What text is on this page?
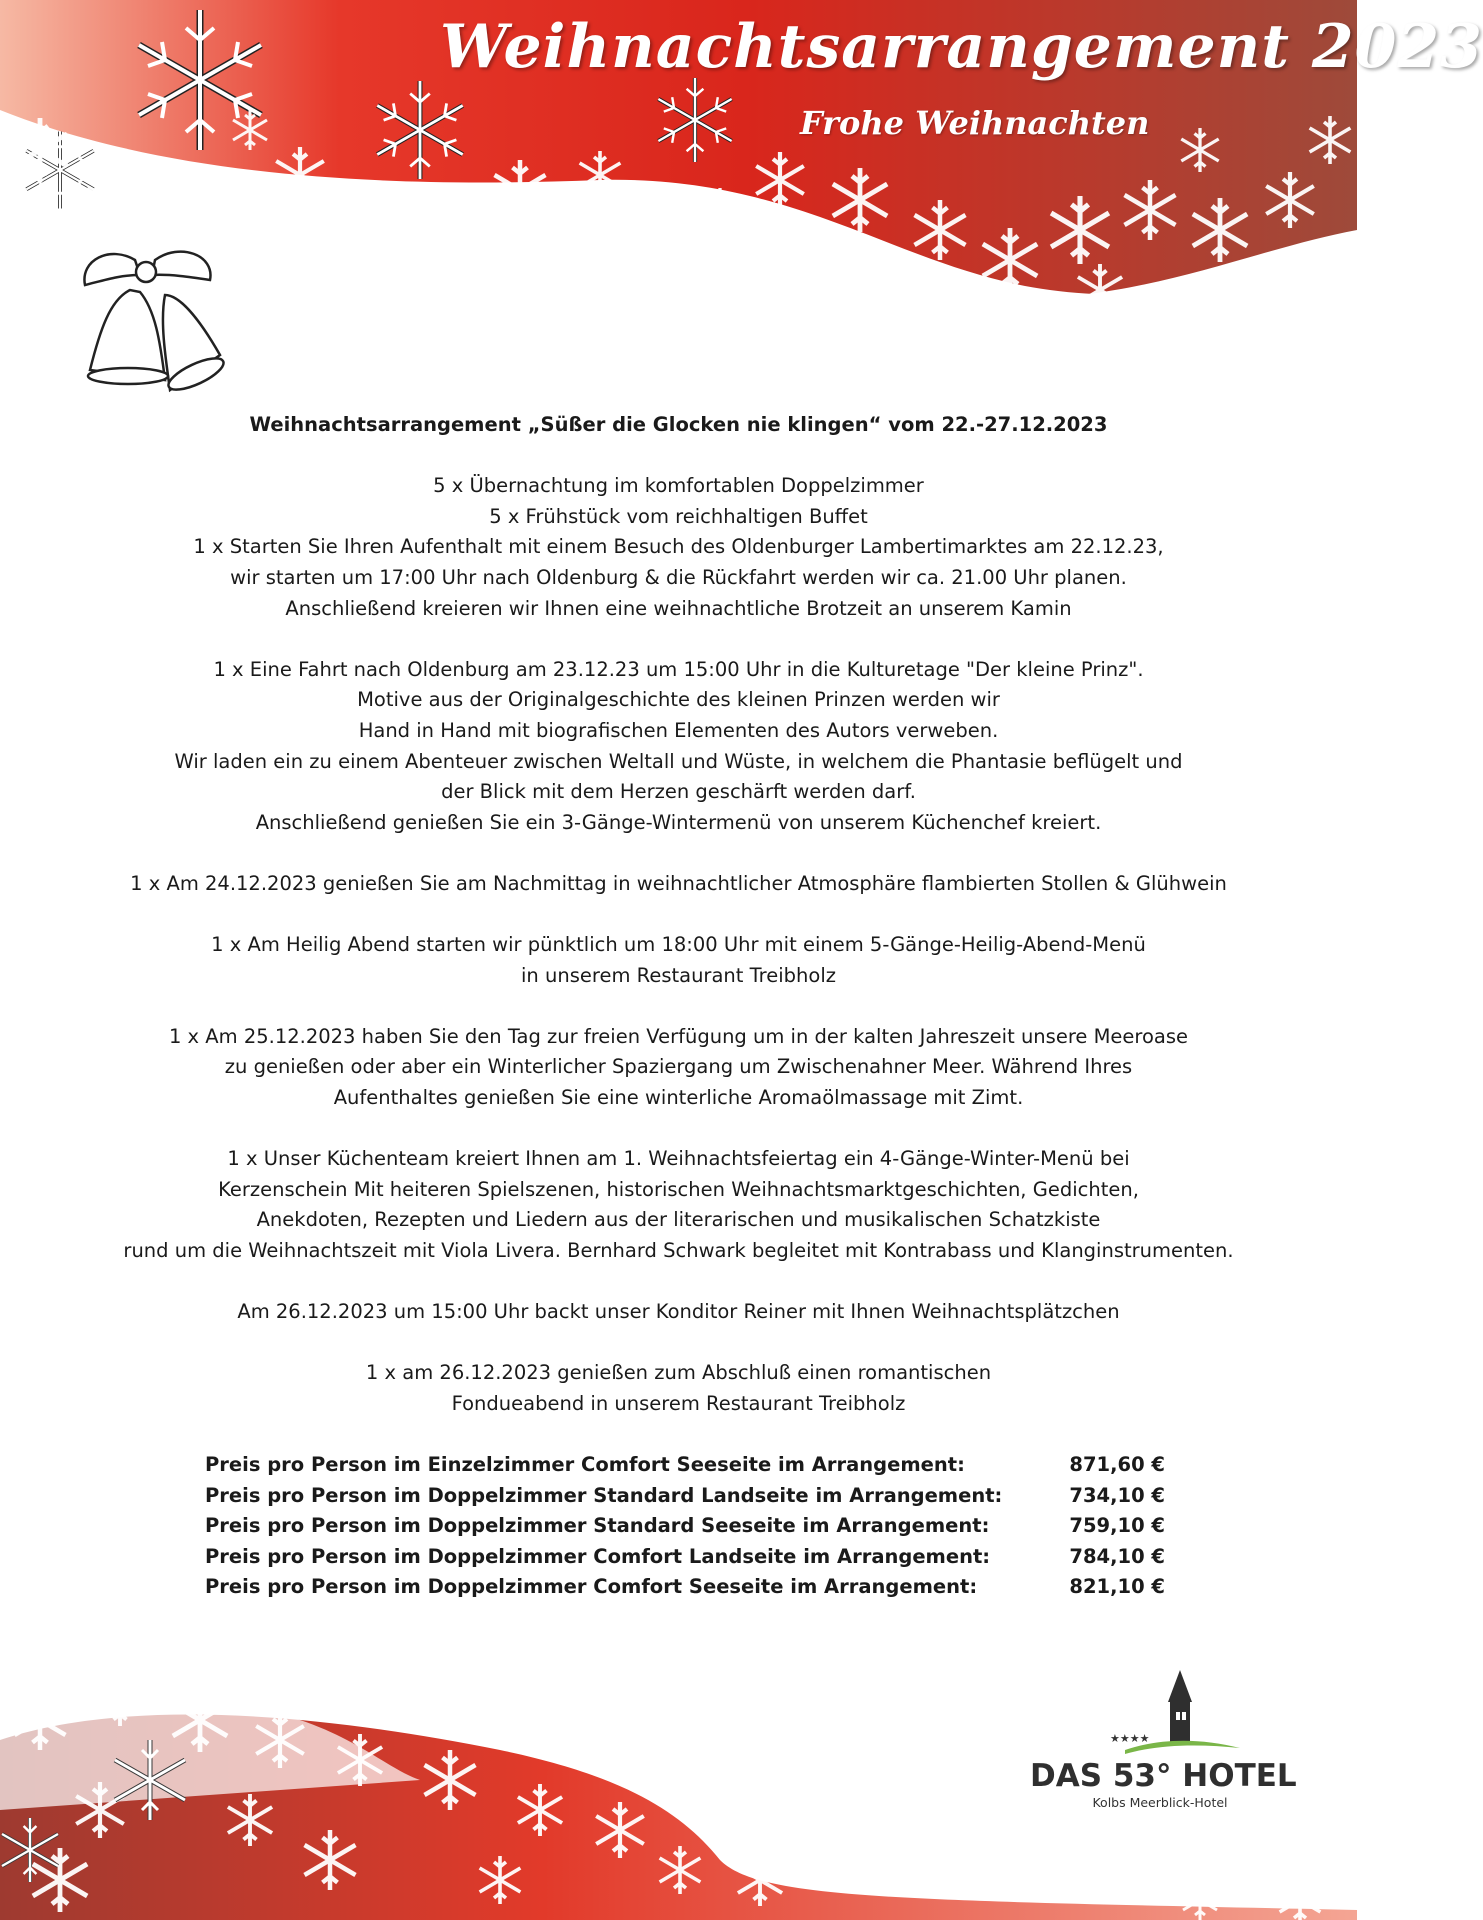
Weihnachtsarrangement 2023
Frohe Weihnachten
Weihnachtsarrangement „Süßer die Glocken nie klingen“ vom 22.-27.12.2023
5 x Übernachtung im komfortablen Doppelzimmer
5 x Frühstück vom reichhaltigen Buffet
1 x Starten Sie Ihren Aufenthalt mit einem Besuch des Oldenburger Lambertimarktes am 22.12.23,
wir starten um 17:00 Uhr nach Oldenburg & die Rückfahrt werden wir ca. 21.00 Uhr planen.
Anschließend kreieren wir Ihnen eine weihnachtliche Brotzeit an unserem Kamin
1 x Eine Fahrt nach Oldenburg am 23.12.23 um 15:00 Uhr in die Kulturetage "Der kleine Prinz".
Motive aus der Originalgeschichte des kleinen Prinzen werden wir
Hand in Hand mit biografischen Elementen des Autors verweben.
Wir laden ein zu einem Abenteuer zwischen Weltall und Wüste, in welchem die Phantasie beflügelt und
der Blick mit dem Herzen geschärft werden darf.
Anschließend genießen Sie ein 3-Gänge-Wintermenü von unserem Küchenchef kreiert.
1 x Am 24.12.2023 genießen Sie am Nachmittag in weihnachtlicher Atmosphäre flambierten Stollen & Glühwein
1 x Am Heilig Abend starten wir pünktlich um 18:00 Uhr mit einem 5-Gänge-Heilig-Abend-Menü
in unserem Restaurant Treibholz
1 x Am 25.12.2023 haben Sie den Tag zur freien Verfügung um in der kalten Jahreszeit unsere Meeroase
zu genießen oder aber ein Winterlicher Spaziergang um Zwischenahner Meer. Während Ihres
Aufenthaltes genießen Sie eine winterliche Aromaölmassage mit Zimt.
1 x Unser Küchenteam kreiert Ihnen am 1. Weihnachtsfeiertag ein 4-Gänge-Winter-Menü bei
Kerzenschein Mit heiteren Spielszenen, historischen Weihnachtsmarktgeschichten, Gedichten,
Anekdoten, Rezepten und Liedern aus der literarischen und musikalischen Schatzkiste
rund um die Weihnachtszeit mit Viola Livera. Bernhard Schwark begleitet mit Kontrabass und Klanginstrumenten.
Am 26.12.2023 um 15:00 Uhr backt unser Konditor Reiner mit Ihnen Weihnachtsplätzchen
1 x am 26.12.2023 genießen zum Abschluß einen romantischen
Fondueabend in unserem Restaurant Treibholz
Preis pro Person im Einzelzimmer Comfort Seeseite im Arrangement:	871,60 €
Preis pro Person im Doppelzimmer Standard Landseite im Arrangement:	734,10 €
Preis pro Person im Doppelzimmer Standard Seeseite im Arrangement:	759,10 €
Preis pro Person im Doppelzimmer Comfort Landseite im Arrangement:	784,10 €
Preis pro Person im Doppelzimmer Comfort Seeseite im Arrangement:	821,10 €
★★★★
DAS 53° HOTEL
Kolbs Meerblick-Hotel
